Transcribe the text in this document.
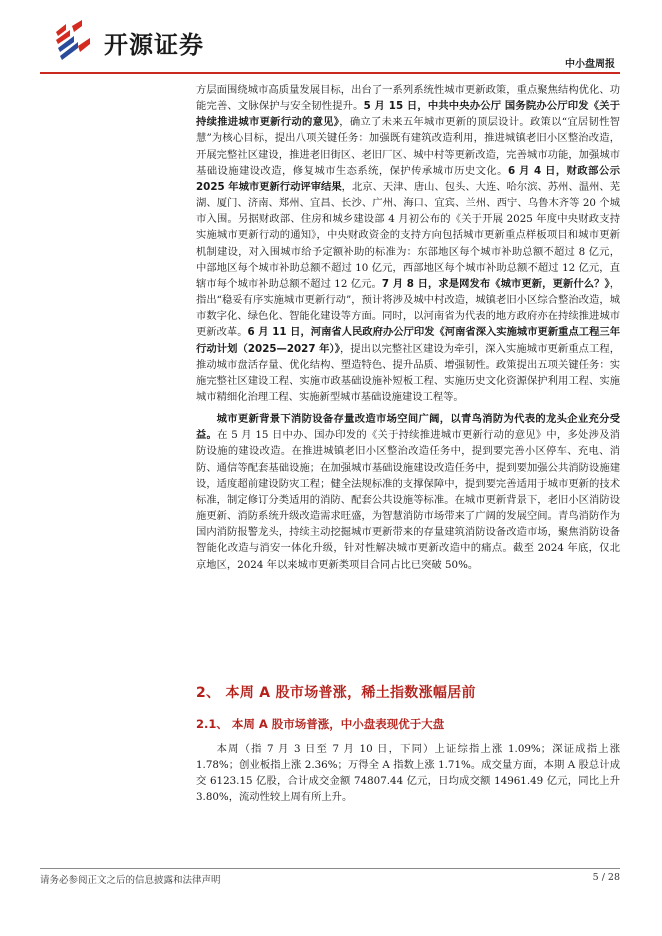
开源证券
中小盘周报

方层面围绕城市高质量发展目标，出台了一系列系统性城市更新政策，重点聚焦结构优化、功能完善、文脉保护与安全韧性提升。5 月 15 日，中共中央办公厅 国务院办公厅印发《关于持续推进城市更新行动的意见》，确立了未来五年城市更新的顶层设计。政策以“宜居韧性智慧”为核心目标，提出八项关键任务：加强既有建筑改造利用，推进城镇老旧小区整治改造，开展完整社区建设，推进老旧街区、老旧厂区、城中村等更新改造，完善城市功能，加强城市基础设施建设改造，修复城市生态系统，保护传承城市历史文化。6 月 4 日，财政部公示 2025 年城市更新行动评审结果，北京、天津、唐山、包头、大连、哈尔滨、苏州、温州、芜湖、厦门、济南、郑州、宜昌、长沙、广州、海口、宜宾、兰州、西宁、乌鲁木齐等 20 个城市入围。另据财政部、住房和城乡建设部 4 月初公布的《关于开展 2025 年度中央财政支持实施城市更新行动的通知》，中央财政资金的支持方向包括城市更新重点样板项目和城市更新机制建设，对入围城市给予定额补助的标准为：东部地区每个城市补助总额不超过 8 亿元，中部地区每个城市补助总额不超过 10 亿元，西部地区每个城市补助总额不超过 12 亿元，直辖市每个城市补助总额不超过 12 亿元。7 月 8 日，求是网发布《城市更新，更新什么？》，指出“稳妥有序实施城市更新行动”，预计将涉及城中村改造，城镇老旧小区综合整治改造，城市数字化、绿色化、智能化建设等方面。同时，以河南省为代表的地方政府亦在持续推进城市更新改革。6 月 11 日，河南省人民政府办公厅印发《河南省深入实施城市更新重点工程三年行动计划（2025—2027 年）》，提出以完整社区建设为牵引，深入实施城市更新重点工程，推动城市盘活存量、优化结构、塑造特色、提升品质、增强韧性。政策提出五项关键任务：实施完整社区建设工程、实施市政基础设施补短板工程、实施历史文化资源保护利用工程、实施城市精细化治理工程、实施新型城市基础设施建设工程等。

城市更新背景下消防设备存量改造市场空间广阔，以青鸟消防为代表的龙头企业充分受益。在 5 月 15 日中办、国办印发的《关于持续推进城市更新行动的意见》中，多处涉及消防设施的建设改造。在推进城镇老旧小区整治改造任务中，提到要完善小区停车、充电、消防、通信等配套基础设施；在加强城市基础设施建设改造任务中，提到要加强公共消防设施建设，适度超前建设防灾工程；健全法规标准的支撑保障中，提到要完善适用于城市更新的技术标准，制定修订分类适用的消防、配套公共设施等标准。在城市更新背景下，老旧小区消防设施更新、消防系统升级改造需求旺盛，为智慧消防市场带来了广阔的发展空间。青鸟消防作为国内消防报警龙头，持续主动挖掘城市更新带来的存量建筑消防设备改造市场，聚焦消防设备智能化改造与消安一体化升级，针对性解决城市更新改造中的痛点。截至 2024 年底，仅北京地区，2024 年以来城市更新类项目合同占比已突破 50%。

2、 本周 A 股市场普涨，稀土指数涨幅居前
2.1、 本周 A 股市场普涨，中小盘表现优于大盘

本周（指 7 月 3 日至 7 月 10 日，下同）上证综指上涨 1.09%；深证成指上涨 1.78%；创业板指上涨 2.36%；万得全 A 指数上涨 1.71%。成交量方面，本期 A 股总计成交 6123.15 亿股，合计成交金额 74807.44 亿元，日均成交额 14961.49 亿元，同比上升 3.80%，流动性较上周有所上升。

请务必参阅正文之后的信息披露和法律声明	5 / 28
